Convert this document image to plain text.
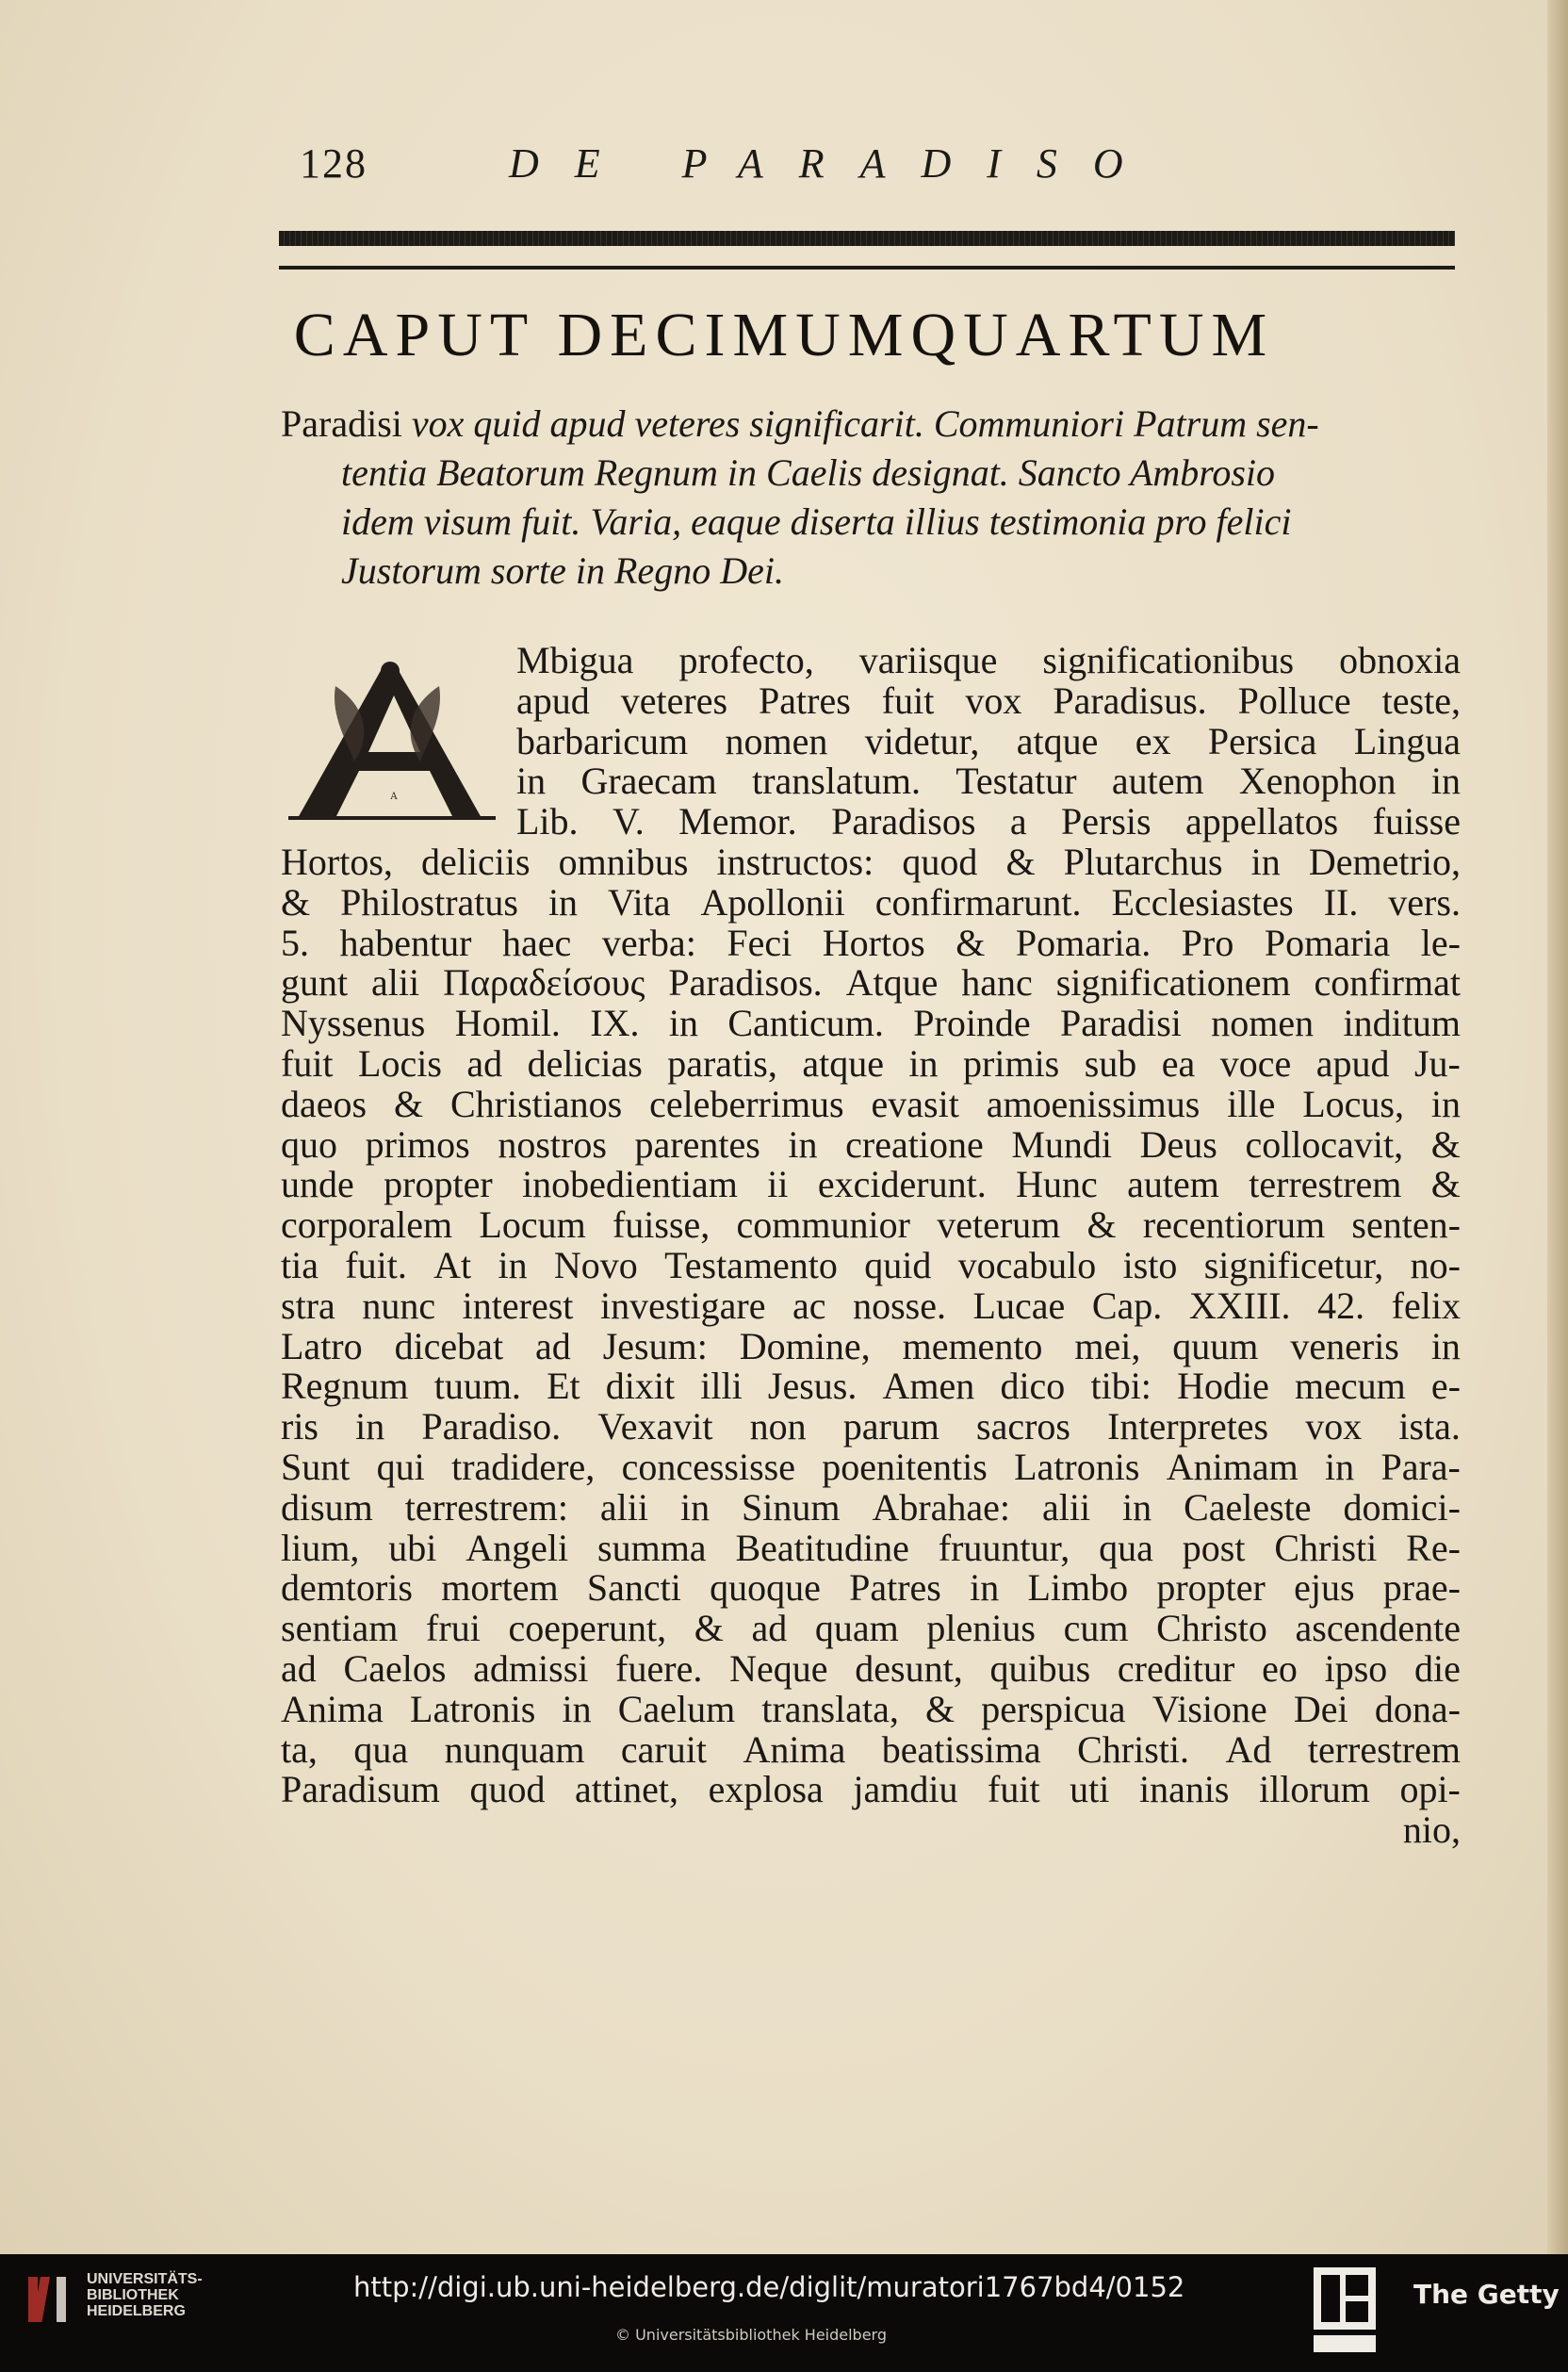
128	DE PARADISO
CAPUT DECIMUMQUARTUM
Paradisi vox quid apud veteres significarit. Communiori Patrum sen-
tentia Beatorum Regnum in Caelis designat. Sancto Ambrosio
idem visum fuit. Varia, eaque diserta illius testimonia pro felici
Justorum sorte in Regno Dei.
A
Mbigua profecto, variisque significationibus obnoxia
apud veteres Patres fuit vox Paradisus. Polluce teste,
barbaricum nomen videtur, atque ex Persica Lingua
in Graecam translatum. Testatur autem Xenophon in
Lib. V. Memor. Paradisos a Persis appellatos fuisse
Hortos, deliciis omnibus instructos: quod & Plutarchus in Demetrio,
& Philostratus in Vita Apollonii confirmarunt. Ecclesiastes II. vers.
5. habentur haec verba: Feci Hortos & Pomaria. Pro Pomaria le-
gunt alii Παραδείσους Paradisos. Atque hanc significationem confirmat
Nyssenus Homil. IX. in Canticum. Proinde Paradisi nomen inditum
fuit Locis ad delicias paratis, atque in primis sub ea voce apud Ju-
daeos & Christianos celeberrimus evasit amoenissimus ille Locus, in
quo primos nostros parentes in creatione Mundi Deus collocavit, &
unde propter inobedientiam ii exciderunt. Hunc autem terrestrem &
corporalem Locum fuisse, communior veterum & recentiorum senten-
tia fuit. At in Novo Testamento quid vocabulo isto significetur, no-
stra nunc interest investigare ac nosse. Lucae Cap. XXIII. 42. felix
Latro dicebat ad Jesum: Domine, memento mei, quum veneris in
Regnum tuum. Et dixit illi Jesus. Amen dico tibi: Hodie mecum e-
ris in Paradiso. Vexavit non parum sacros Interpretes vox ista.
Sunt qui tradidere, concessisse poenitentis Latronis Animam in Para-
disum terrestrem: alii in Sinum Abrahae: alii in Caeleste domici-
lium, ubi Angeli summa Beatitudine fruuntur, qua post Christi Re-
demtoris mortem Sancti quoque Patres in Limbo propter ejus prae-
sentiam frui coeperunt, & ad quam plenius cum Christo ascendente
ad Caelos admissi fuere. Neque desunt, quibus creditur eo ipso die
Anima Latronis in Caelum translata, & perspicua Visione Dei dona-
ta, qua nunquam caruit Anima beatissima Christi. Ad terrestrem
Paradisum quod attinet, explosa jamdiu fuit uti inanis illorum opi-
nio,
UNIVERSITÄTS-
BIBLIOTHEK
HEIDELBERG
http://digi.ub.uni-heidelberg.de/diglit/muratori1767bd4/0152
© Universitätsbibliothek Heidelberg
The Getty
